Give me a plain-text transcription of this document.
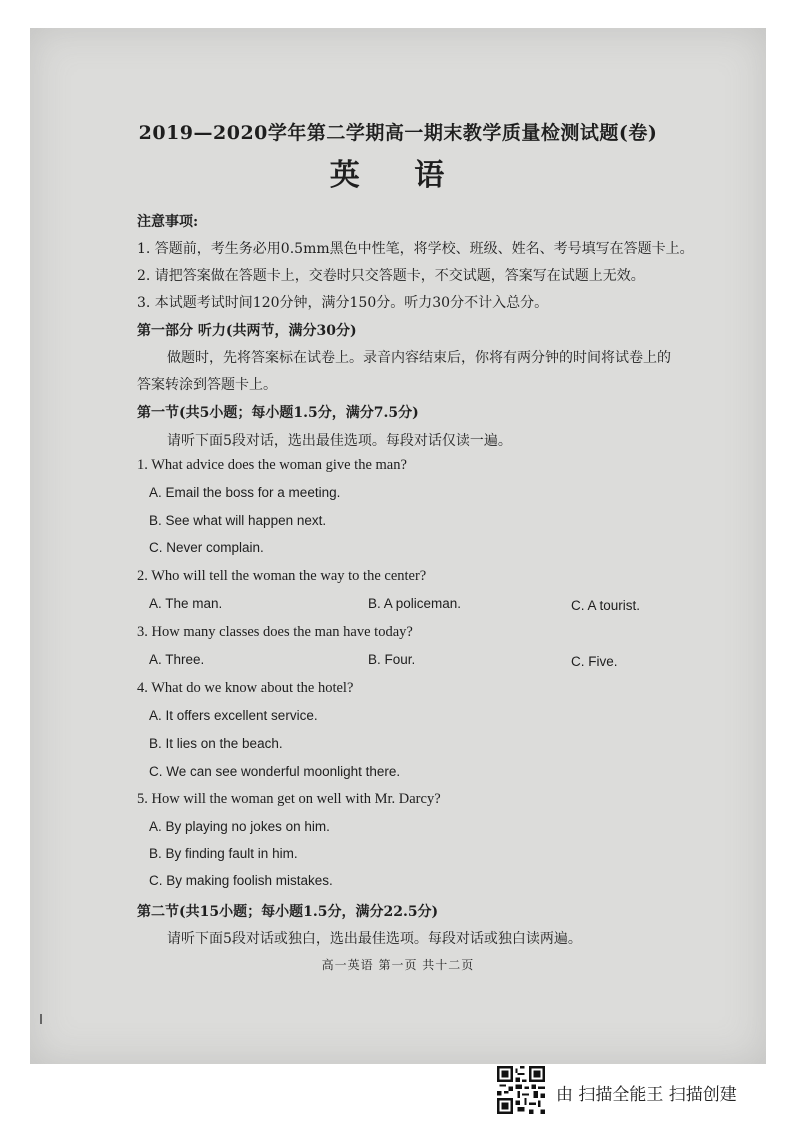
2019—2020学年第二学期高一期末教学质量检测试题(卷)
英 语
注意事项:
1. 答题前，考生务必用0.5mm黑色中性笔，将学校、班级、姓名、考号填写在答题卡上。
2. 请把答案做在答题卡上，交卷时只交答题卡，不交试题，答案写在试题上无效。
3. 本试题考试时间120分钟，满分150分。听力30分不计入总分。
第一部分 听力(共两节，满分30分)
做题时，先将答案标在试卷上。录音内容结束后，你将有两分钟的时间将试卷上的
答案转涂到答题卡上。
第一节(共5小题；每小题1.5分，满分7.5分)
请听下面5段对话，选出最佳选项。每段对话仅读一遍。
1. What advice does the woman give the man?
A. Email the boss for a meeting.
B. See what will happen next.
C. Never complain.
2. Who will tell the woman the way to the center?
A. The man.	B. A policeman.	C. A tourist.
3. How many classes does the man have today?
A. Three.	B. Four.	C. Five.
4. What do we know about the hotel?
A. It offers excellent service.
B. It lies on the beach.
C. We can see wonderful moonlight there.
5. How will the woman get on well with Mr. Darcy?
A. By playing no jokes on him.
B. By finding fault in him.
C. By making foolish mistakes.
第二节(共15小题；每小题1.5分，满分22.5分)
请听下面5段对话或独白，选出最佳选项。每段对话或独白读两遍。
高一英语 第一页 共十二页
由 扫描全能王 扫描创建
